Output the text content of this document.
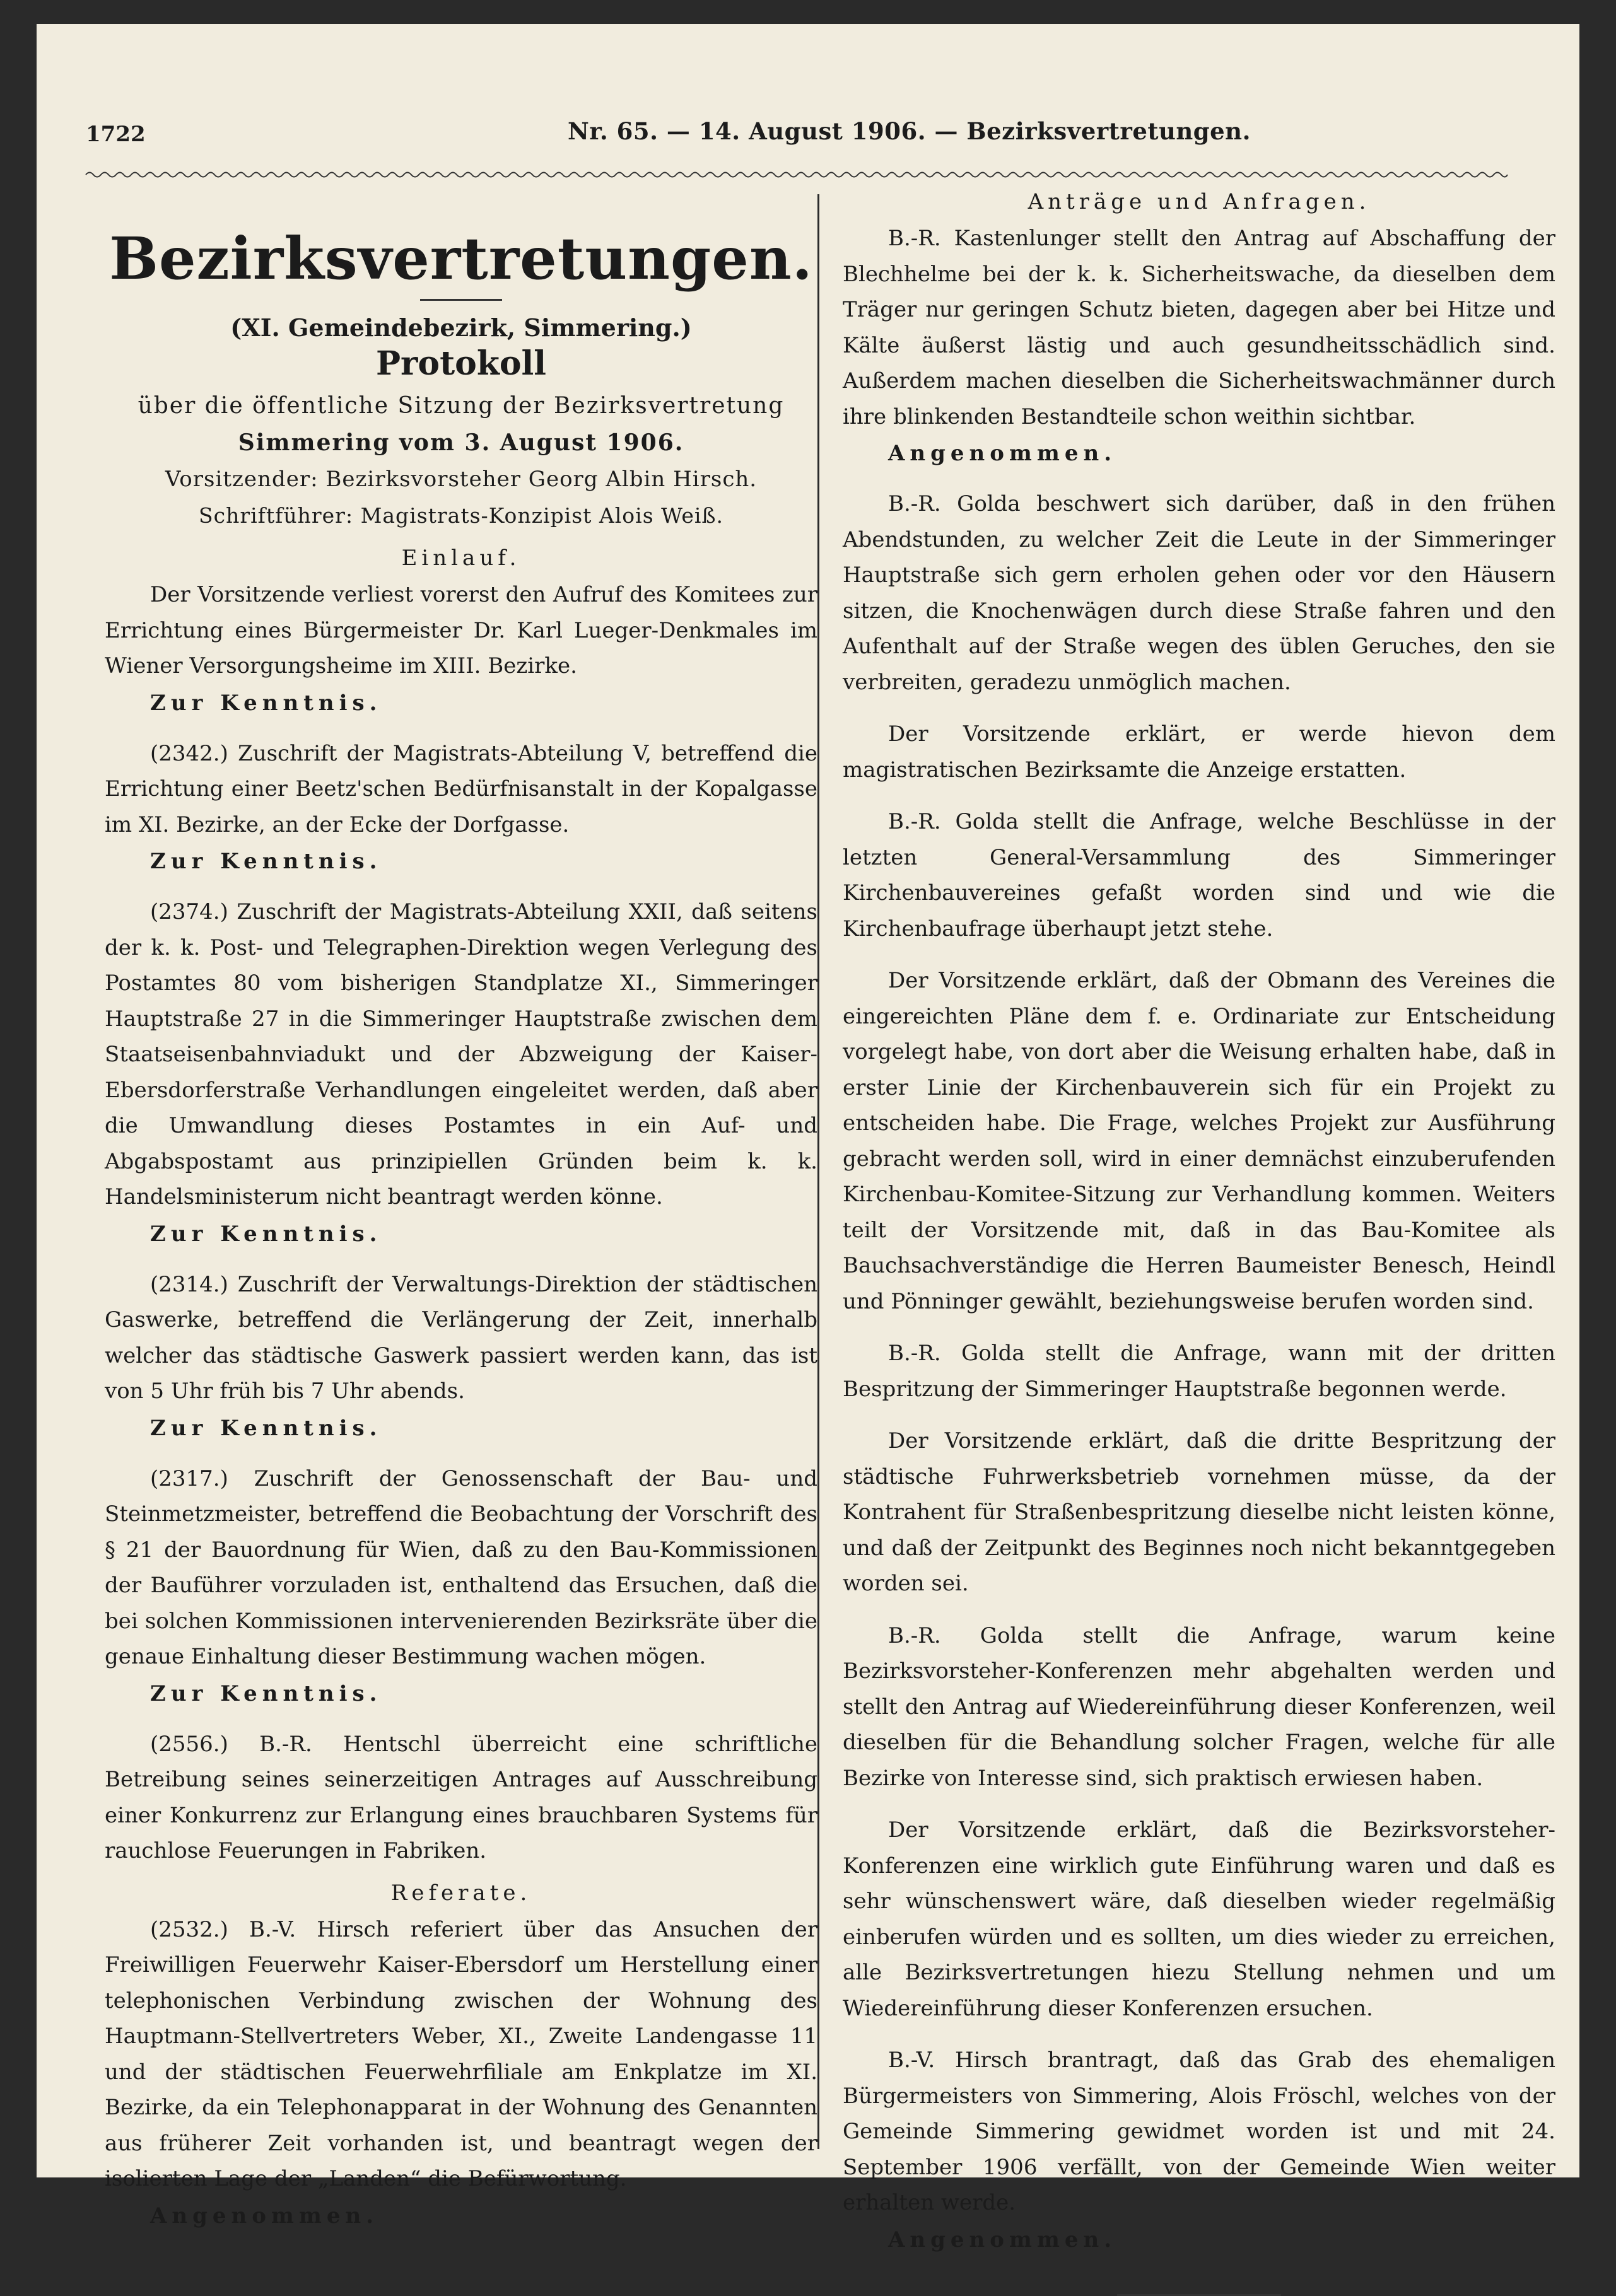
1722	Nr. 65. — 14. August 1906. — Bezirksvertretungen.
Bezirksvertretungen.
(XI. Gemeindebezirk, Simmering.)
Protokoll
über die öffentliche Sitzung der Bezirksvertretung
Simmering vom 3. August 1906.
Vorsitzender: Bezirksvorsteher Georg Albin Hirsch.
Schriftführer: Magistrats-Konzipist Alois Weiß.
Einlauf.

Der Vorsitzende verliest vorerst den Aufruf des Komitees zur Errichtung eines Bürgermeister Dr. Karl Lueger-Denkmales im Wiener Versorgungsheime im XIII. Bezirke.

Zur Kenntnis.

(2342.) Zuschrift der Magistrats-Abteilung V, betreffend die Errichtung einer Beetz'schen Bedürfnisanstalt in der Kopalgasse im XI. Bezirke, an der Ecke der Dorfgasse.

Zur Kenntnis.

(2374.) Zuschrift der Magistrats-Abteilung XXII, daß seitens der k. k. Post- und Telegraphen-Direktion wegen Verlegung des Postamtes 80 vom bisherigen Standplatze XI., Simmeringer Hauptstraße 27 in die Simmeringer Hauptstraße zwischen dem Staatseisenbahnviadukt und der Abzweigung der Kaiser-Ebersdorferstraße Verhandlungen eingeleitet werden, daß aber die Umwandlung dieses Postamtes in ein Auf- und Abgabspostamt aus prinzipiellen Gründen beim k. k. Handelsministerum nicht beantragt werden könne.

Zur Kenntnis.

(2314.) Zuschrift der Verwaltungs-Direktion der städtischen Gaswerke, betreffend die Verlängerung der Zeit, innerhalb welcher das städtische Gaswerk passiert werden kann, das ist von 5 Uhr früh bis 7 Uhr abends.

Zur Kenntnis.

(2317.) Zuschrift der Genossenschaft der Bau- und Steinmetzmeister, betreffend die Beobachtung der Vorschrift des § 21 der Bauordnung für Wien, daß zu den Bau-Kommissionen der Bauführer vorzuladen ist, enthaltend das Ersuchen, daß die bei solchen Kommissionen intervenierenden Bezirksräte über die genaue Einhaltung dieser Bestimmung wachen mögen.

Zur Kenntnis.

(2556.) B.-R. Hentschl überreicht eine schriftliche Betreibung seines seinerzeitigen Antrages auf Ausschreibung einer Konkurrenz zur Erlangung eines brauchbaren Systems für rauchlose Feuerungen in Fabriken.

Referate.

(2532.) B.-V. Hirsch referiert über das Ansuchen der Freiwilligen Feuerwehr Kaiser-Ebersdorf um Herstellung einer telephonischen Verbindung zwischen der Wohnung des Hauptmann-Stellvertreters Weber, XI., Zweite Landengasse 11 und der städtischen Feuerwehrfiliale am Enkplatze im XI. Bezirke, da ein Telephonapparat in der Wohnung des Genannten aus früherer Zeit vorhanden ist, und beantragt wegen der isolierten Lage der „Landen“ die Befürwortung.

Angenommen.
Anträge und Anfragen.

B.-R. Kastenlunger stellt den Antrag auf Abschaffung der Blechhelme bei der k. k. Sicherheitswache, da dieselben dem Träger nur geringen Schutz bieten, dagegen aber bei Hitze und Kälte äußerst lästig und auch gesundheitsschädlich sind. Außerdem machen dieselben die Sicherheitswachmänner durch ihre blinkenden Bestandteile schon weithin sichtbar.

Angenommen.

B.-R. Golda beschwert sich darüber, daß in den frühen Abendstunden, zu welcher Zeit die Leute in der Simmeringer Hauptstraße sich gern erholen gehen oder vor den Häusern sitzen, die Knochenwägen durch diese Straße fahren und den Aufenthalt auf der Straße wegen des üblen Geruches, den sie verbreiten, geradezu unmöglich machen.

Der Vorsitzende erklärt, er werde hievon dem magistratischen Bezirksamte die Anzeige erstatten.

B.-R. Golda stellt die Anfrage, welche Beschlüsse in der letzten General-Versammlung des Simmeringer Kirchenbauvereines gefaßt worden sind und wie die Kirchenbaufrage überhaupt jetzt stehe.

Der Vorsitzende erklärt, daß der Obmann des Vereines die eingereichten Pläne dem f. e. Ordinariate zur Entscheidung vorgelegt habe, von dort aber die Weisung erhalten habe, daß in erster Linie der Kirchenbauverein sich für ein Projekt zu entscheiden habe. Die Frage, welches Projekt zur Ausführung gebracht werden soll, wird in einer demnächst einzuberufenden Kirchenbau-Komitee-Sitzung zur Verhandlung kommen. Weiters teilt der Vorsitzende mit, daß in das Bau-Komitee als Bauchsachverständige die Herren Baumeister Benesch, Heindl und Pönninger gewählt, beziehungsweise berufen worden sind.

B.-R. Golda stellt die Anfrage, wann mit der dritten Bespritzung der Simmeringer Hauptstraße begonnen werde.

Der Vorsitzende erklärt, daß die dritte Bespritzung der städtische Fuhrwerksbetrieb vornehmen müsse, da der Kontrahent für Straßenbespritzung dieselbe nicht leisten könne, und daß der Zeitpunkt des Beginnes noch nicht bekanntgegeben worden sei.

B.-R. Golda stellt die Anfrage, warum keine Bezirksvorsteher-Konferenzen mehr abgehalten werden und stellt den Antrag auf Wiedereinführung dieser Konferenzen, weil dieselben für die Behandlung solcher Fragen, welche für alle Bezirke von Interesse sind, sich praktisch erwiesen haben.

Der Vorsitzende erklärt, daß die Bezirksvorsteher-Konferenzen eine wirklich gute Einführung waren und daß es sehr wünschenswert wäre, daß dieselben wieder regelmäßig einberufen würden und es sollten, um dies wieder zu erreichen, alle Bezirksvertretungen hiezu Stellung nehmen und um Wiedereinführung dieser Konferenzen ersuchen.

B.-V. Hirsch brantragt, daß das Grab des ehemaligen Bürgermeisters von Simmering, Alois Fröschl, welches von der Gemeinde Simmering gewidmet worden ist und mit 24. September 1906 verfällt, von der Gemeinde Wien weiter erhalten werde.

Angenommen.
